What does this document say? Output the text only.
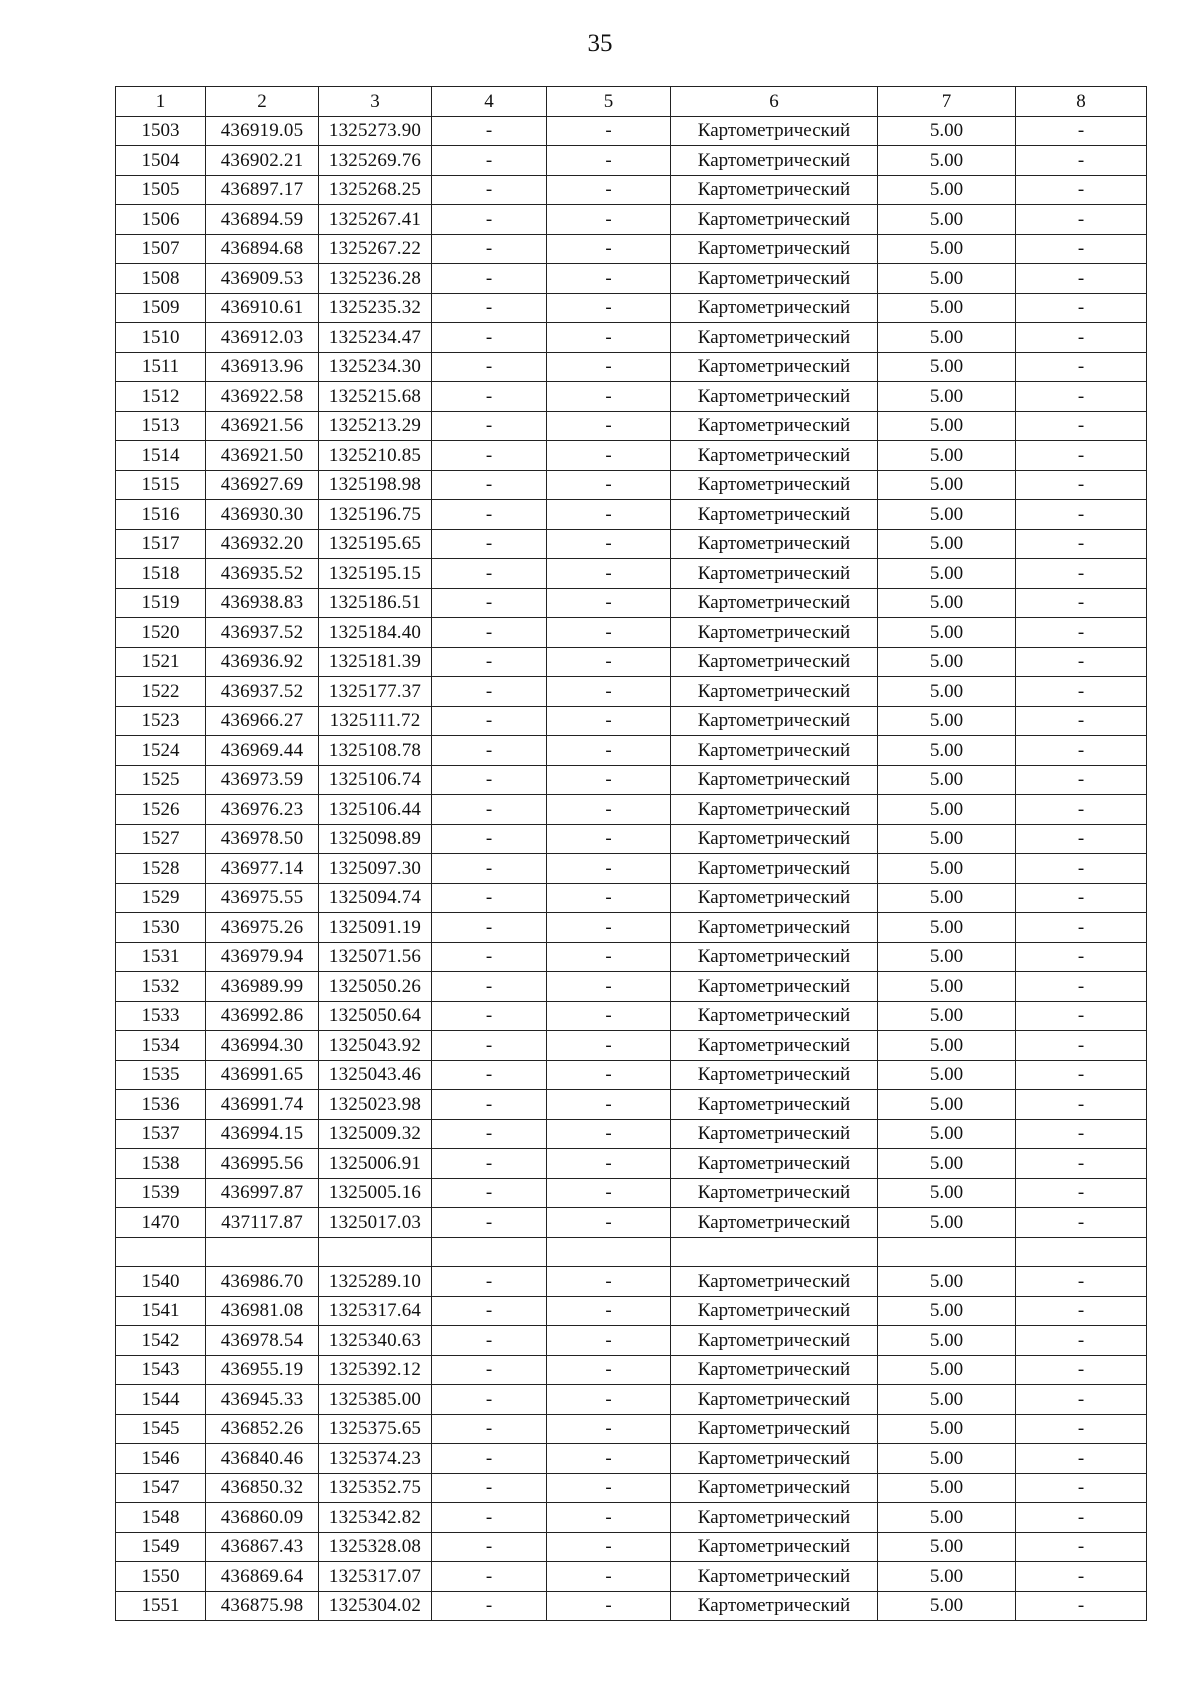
35
1	2	3	4	5	6	7	8
1503	436919.05	1325273.90	-	-	Картометрический	5.00	-
1504	436902.21	1325269.76	-	-	Картометрический	5.00	-
1505	436897.17	1325268.25	-	-	Картометрический	5.00	-
1506	436894.59	1325267.41	-	-	Картометрический	5.00	-
1507	436894.68	1325267.22	-	-	Картометрический	5.00	-
1508	436909.53	1325236.28	-	-	Картометрический	5.00	-
1509	436910.61	1325235.32	-	-	Картометрический	5.00	-
1510	436912.03	1325234.47	-	-	Картометрический	5.00	-
1511	436913.96	1325234.30	-	-	Картометрический	5.00	-
1512	436922.58	1325215.68	-	-	Картометрический	5.00	-
1513	436921.56	1325213.29	-	-	Картометрический	5.00	-
1514	436921.50	1325210.85	-	-	Картометрический	5.00	-
1515	436927.69	1325198.98	-	-	Картометрический	5.00	-
1516	436930.30	1325196.75	-	-	Картометрический	5.00	-
1517	436932.20	1325195.65	-	-	Картометрический	5.00	-
1518	436935.52	1325195.15	-	-	Картометрический	5.00	-
1519	436938.83	1325186.51	-	-	Картометрический	5.00	-
1520	436937.52	1325184.40	-	-	Картометрический	5.00	-
1521	436936.92	1325181.39	-	-	Картометрический	5.00	-
1522	436937.52	1325177.37	-	-	Картометрический	5.00	-
1523	436966.27	1325111.72	-	-	Картометрический	5.00	-
1524	436969.44	1325108.78	-	-	Картометрический	5.00	-
1525	436973.59	1325106.74	-	-	Картометрический	5.00	-
1526	436976.23	1325106.44	-	-	Картометрический	5.00	-
1527	436978.50	1325098.89	-	-	Картометрический	5.00	-
1528	436977.14	1325097.30	-	-	Картометрический	5.00	-
1529	436975.55	1325094.74	-	-	Картометрический	5.00	-
1530	436975.26	1325091.19	-	-	Картометрический	5.00	-
1531	436979.94	1325071.56	-	-	Картометрический	5.00	-
1532	436989.99	1325050.26	-	-	Картометрический	5.00	-
1533	436992.86	1325050.64	-	-	Картометрический	5.00	-
1534	436994.30	1325043.92	-	-	Картометрический	5.00	-
1535	436991.65	1325043.46	-	-	Картометрический	5.00	-
1536	436991.74	1325023.98	-	-	Картометрический	5.00	-
1537	436994.15	1325009.32	-	-	Картометрический	5.00	-
1538	436995.56	1325006.91	-	-	Картометрический	5.00	-
1539	436997.87	1325005.16	-	-	Картометрический	5.00	-
1470	437117.87	1325017.03	-	-	Картометрический	5.00	-

1540	436986.70	1325289.10	-	-	Картометрический	5.00	-
1541	436981.08	1325317.64	-	-	Картометрический	5.00	-
1542	436978.54	1325340.63	-	-	Картометрический	5.00	-
1543	436955.19	1325392.12	-	-	Картометрический	5.00	-
1544	436945.33	1325385.00	-	-	Картометрический	5.00	-
1545	436852.26	1325375.65	-	-	Картометрический	5.00	-
1546	436840.46	1325374.23	-	-	Картометрический	5.00	-
1547	436850.32	1325352.75	-	-	Картометрический	5.00	-
1548	436860.09	1325342.82	-	-	Картометрический	5.00	-
1549	436867.43	1325328.08	-	-	Картометрический	5.00	-
1550	436869.64	1325317.07	-	-	Картометрический	5.00	-
1551	436875.98	1325304.02	-	-	Картометрический	5.00	-
